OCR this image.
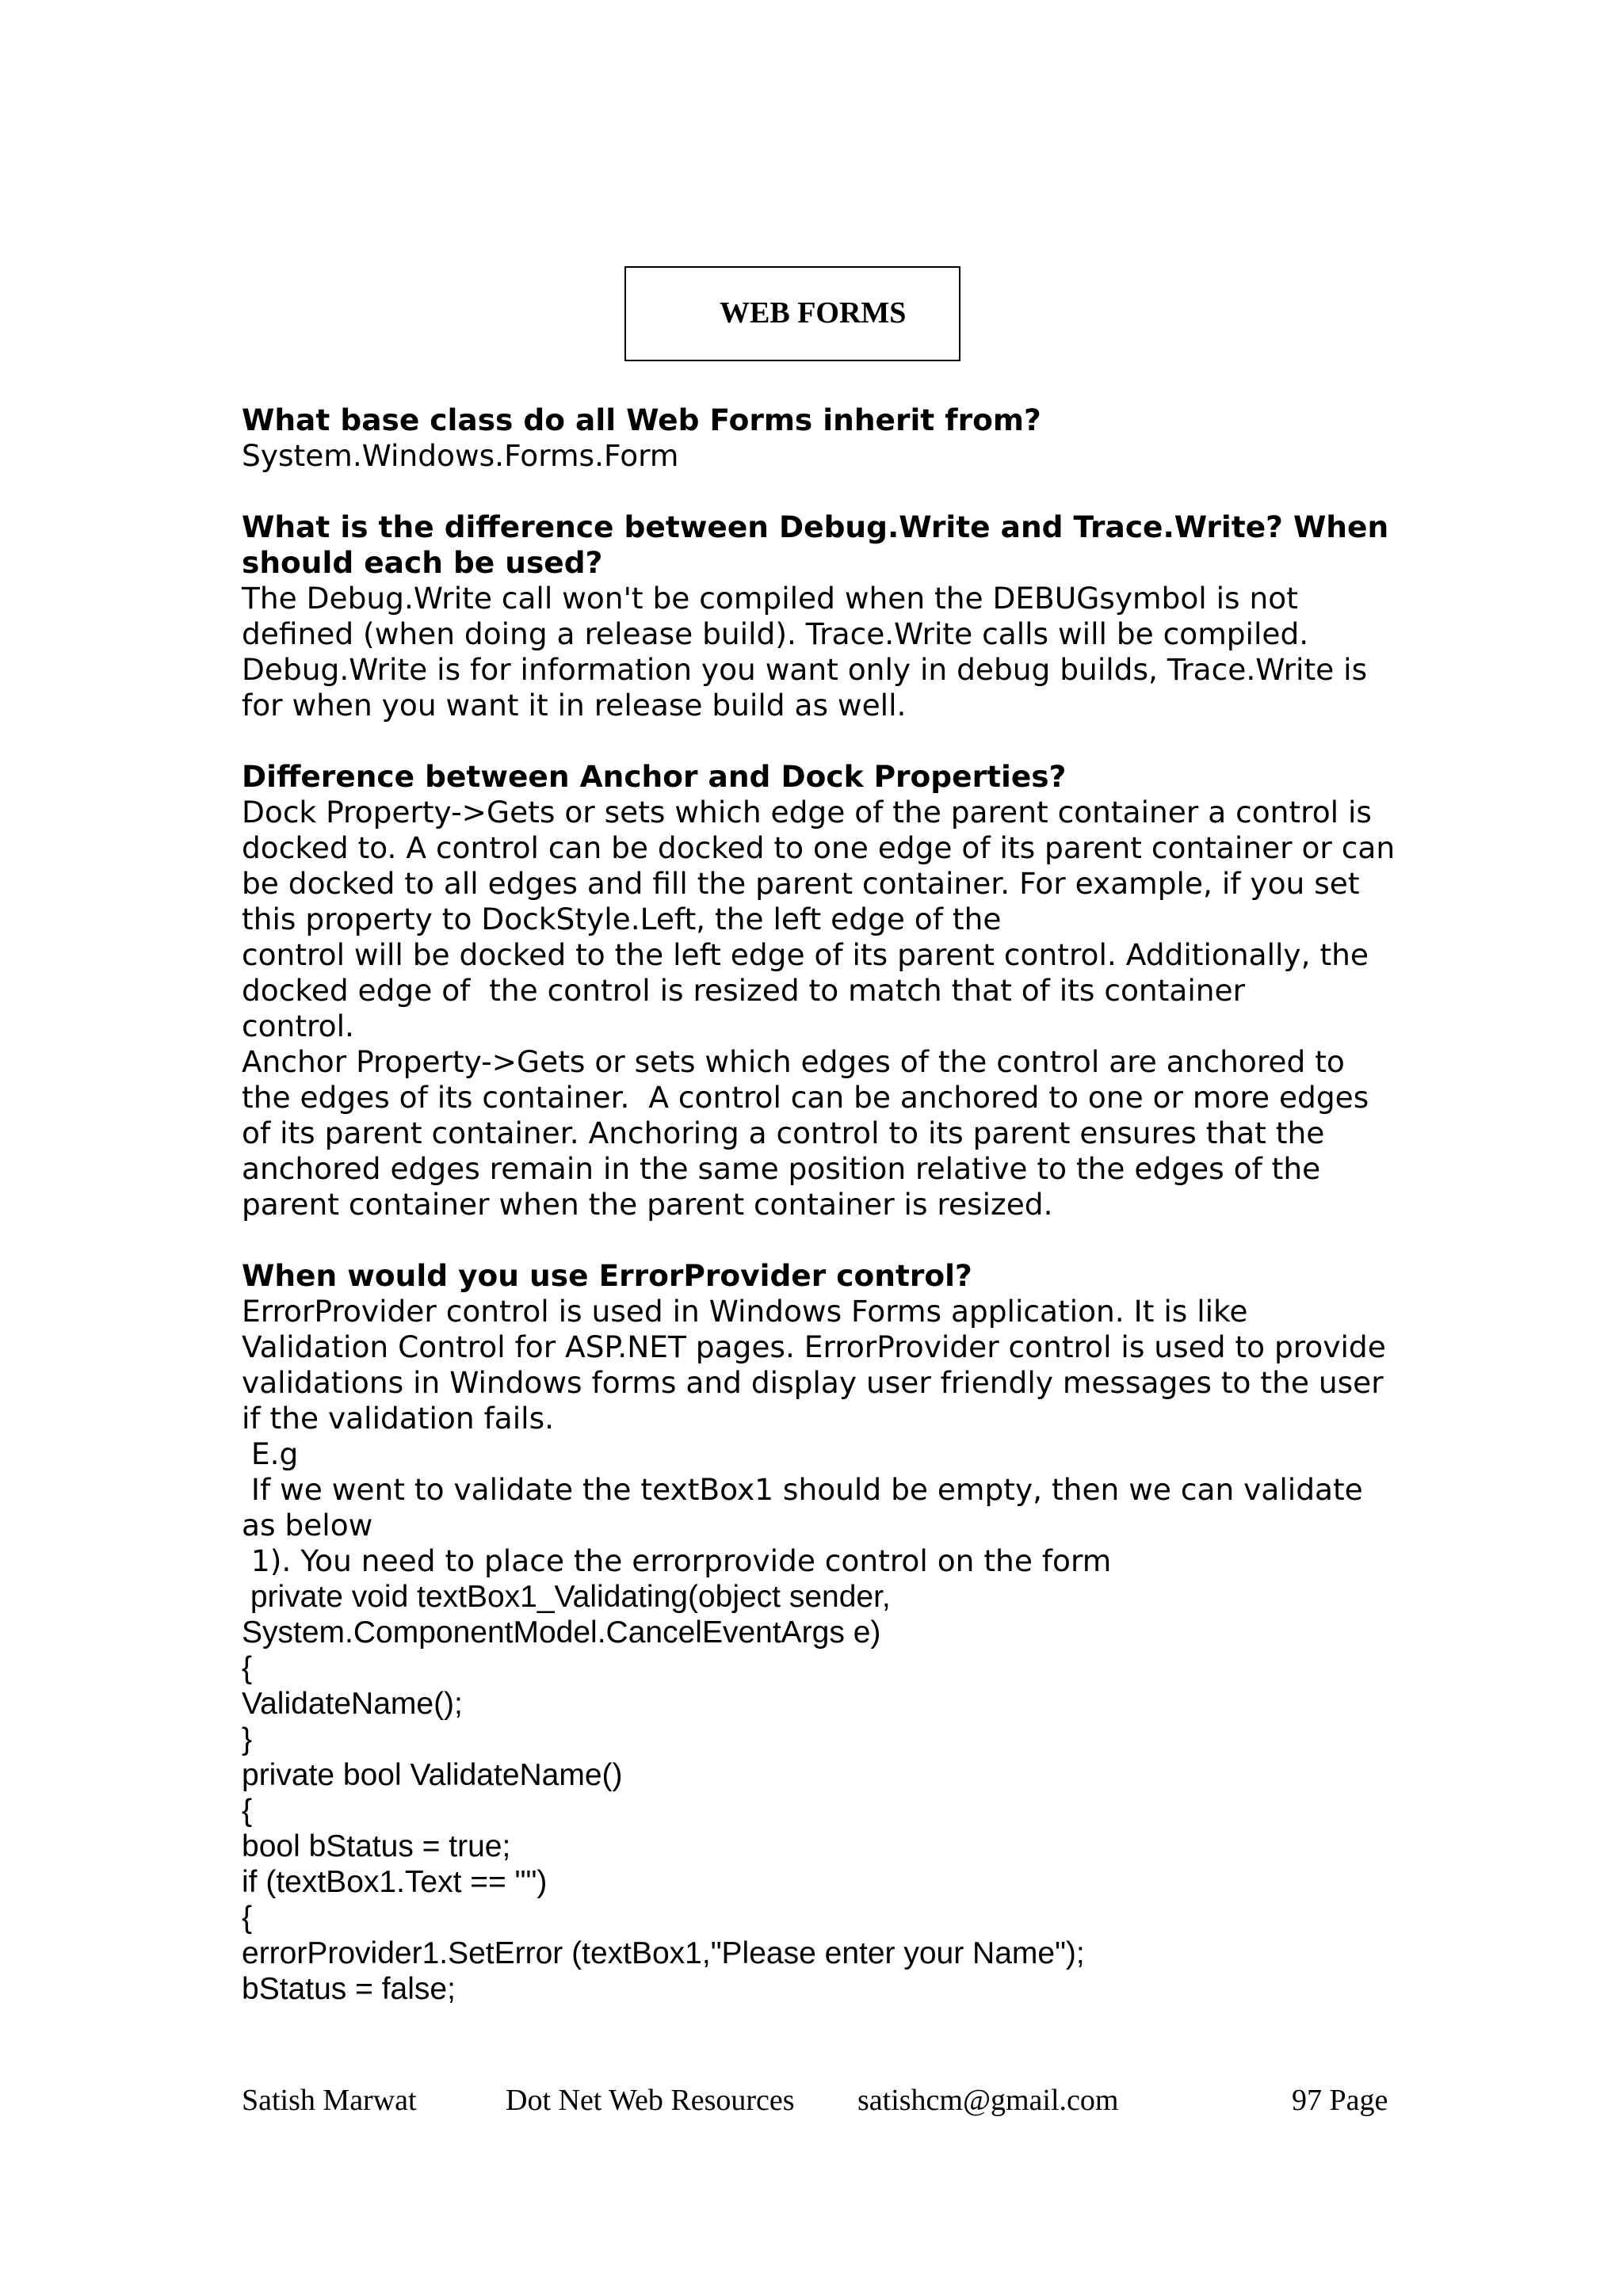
WEB FORMS
What base class do all Web Forms inherit from?
System.Windows.Forms.Form
What is the difference between Debug.Write and Trace.Write? When
should each be used?
The Debug.Write call won't be compiled when the DEBUGsymbol is not
defined (when doing a release build). Trace.Write calls will be compiled.
Debug.Write is for information you want only in debug builds, Trace.Write is
for when you want it in release build as well.
Difference between Anchor and Dock Properties?
Dock Property->Gets or sets which edge of the parent container a control is
docked to. A control can be docked to one edge of its parent container or can
be docked to all edges and fill the parent container. For example, if you set
this property to DockStyle.Left, the left edge of the
control will be docked to the left edge of its parent control. Additionally, the
docked edge of  the control is resized to match that of its container
control.
Anchor Property->Gets or sets which edges of the control are anchored to
the edges of its container.  A control can be anchored to one or more edges
of its parent container. Anchoring a control to its parent ensures that the
anchored edges remain in the same position relative to the edges of the
parent container when the parent container is resized.
When would you use ErrorProvider control?
ErrorProvider control is used in Windows Forms application. It is like
Validation Control for ASP.NET pages. ErrorProvider control is used to provide
validations in Windows forms and display user friendly messages to the user
if the validation fails.
E.g
If we went to validate the textBox1 should be empty, then we can validate
as below
1). You need to place the errorprovide control on the form
private void textBox1_Validating(object sender,
System.ComponentModel.CancelEventArgs e)
{
ValidateName();
}
private bool ValidateName()
{
bool bStatus = true;
if (textBox1.Text == "")
{
errorProvider1.SetError (textBox1,"Please enter your Name");
bStatus = false;
Satish Marwat	Dot Net Web Resources satishcm@gmail.com	97 Page
